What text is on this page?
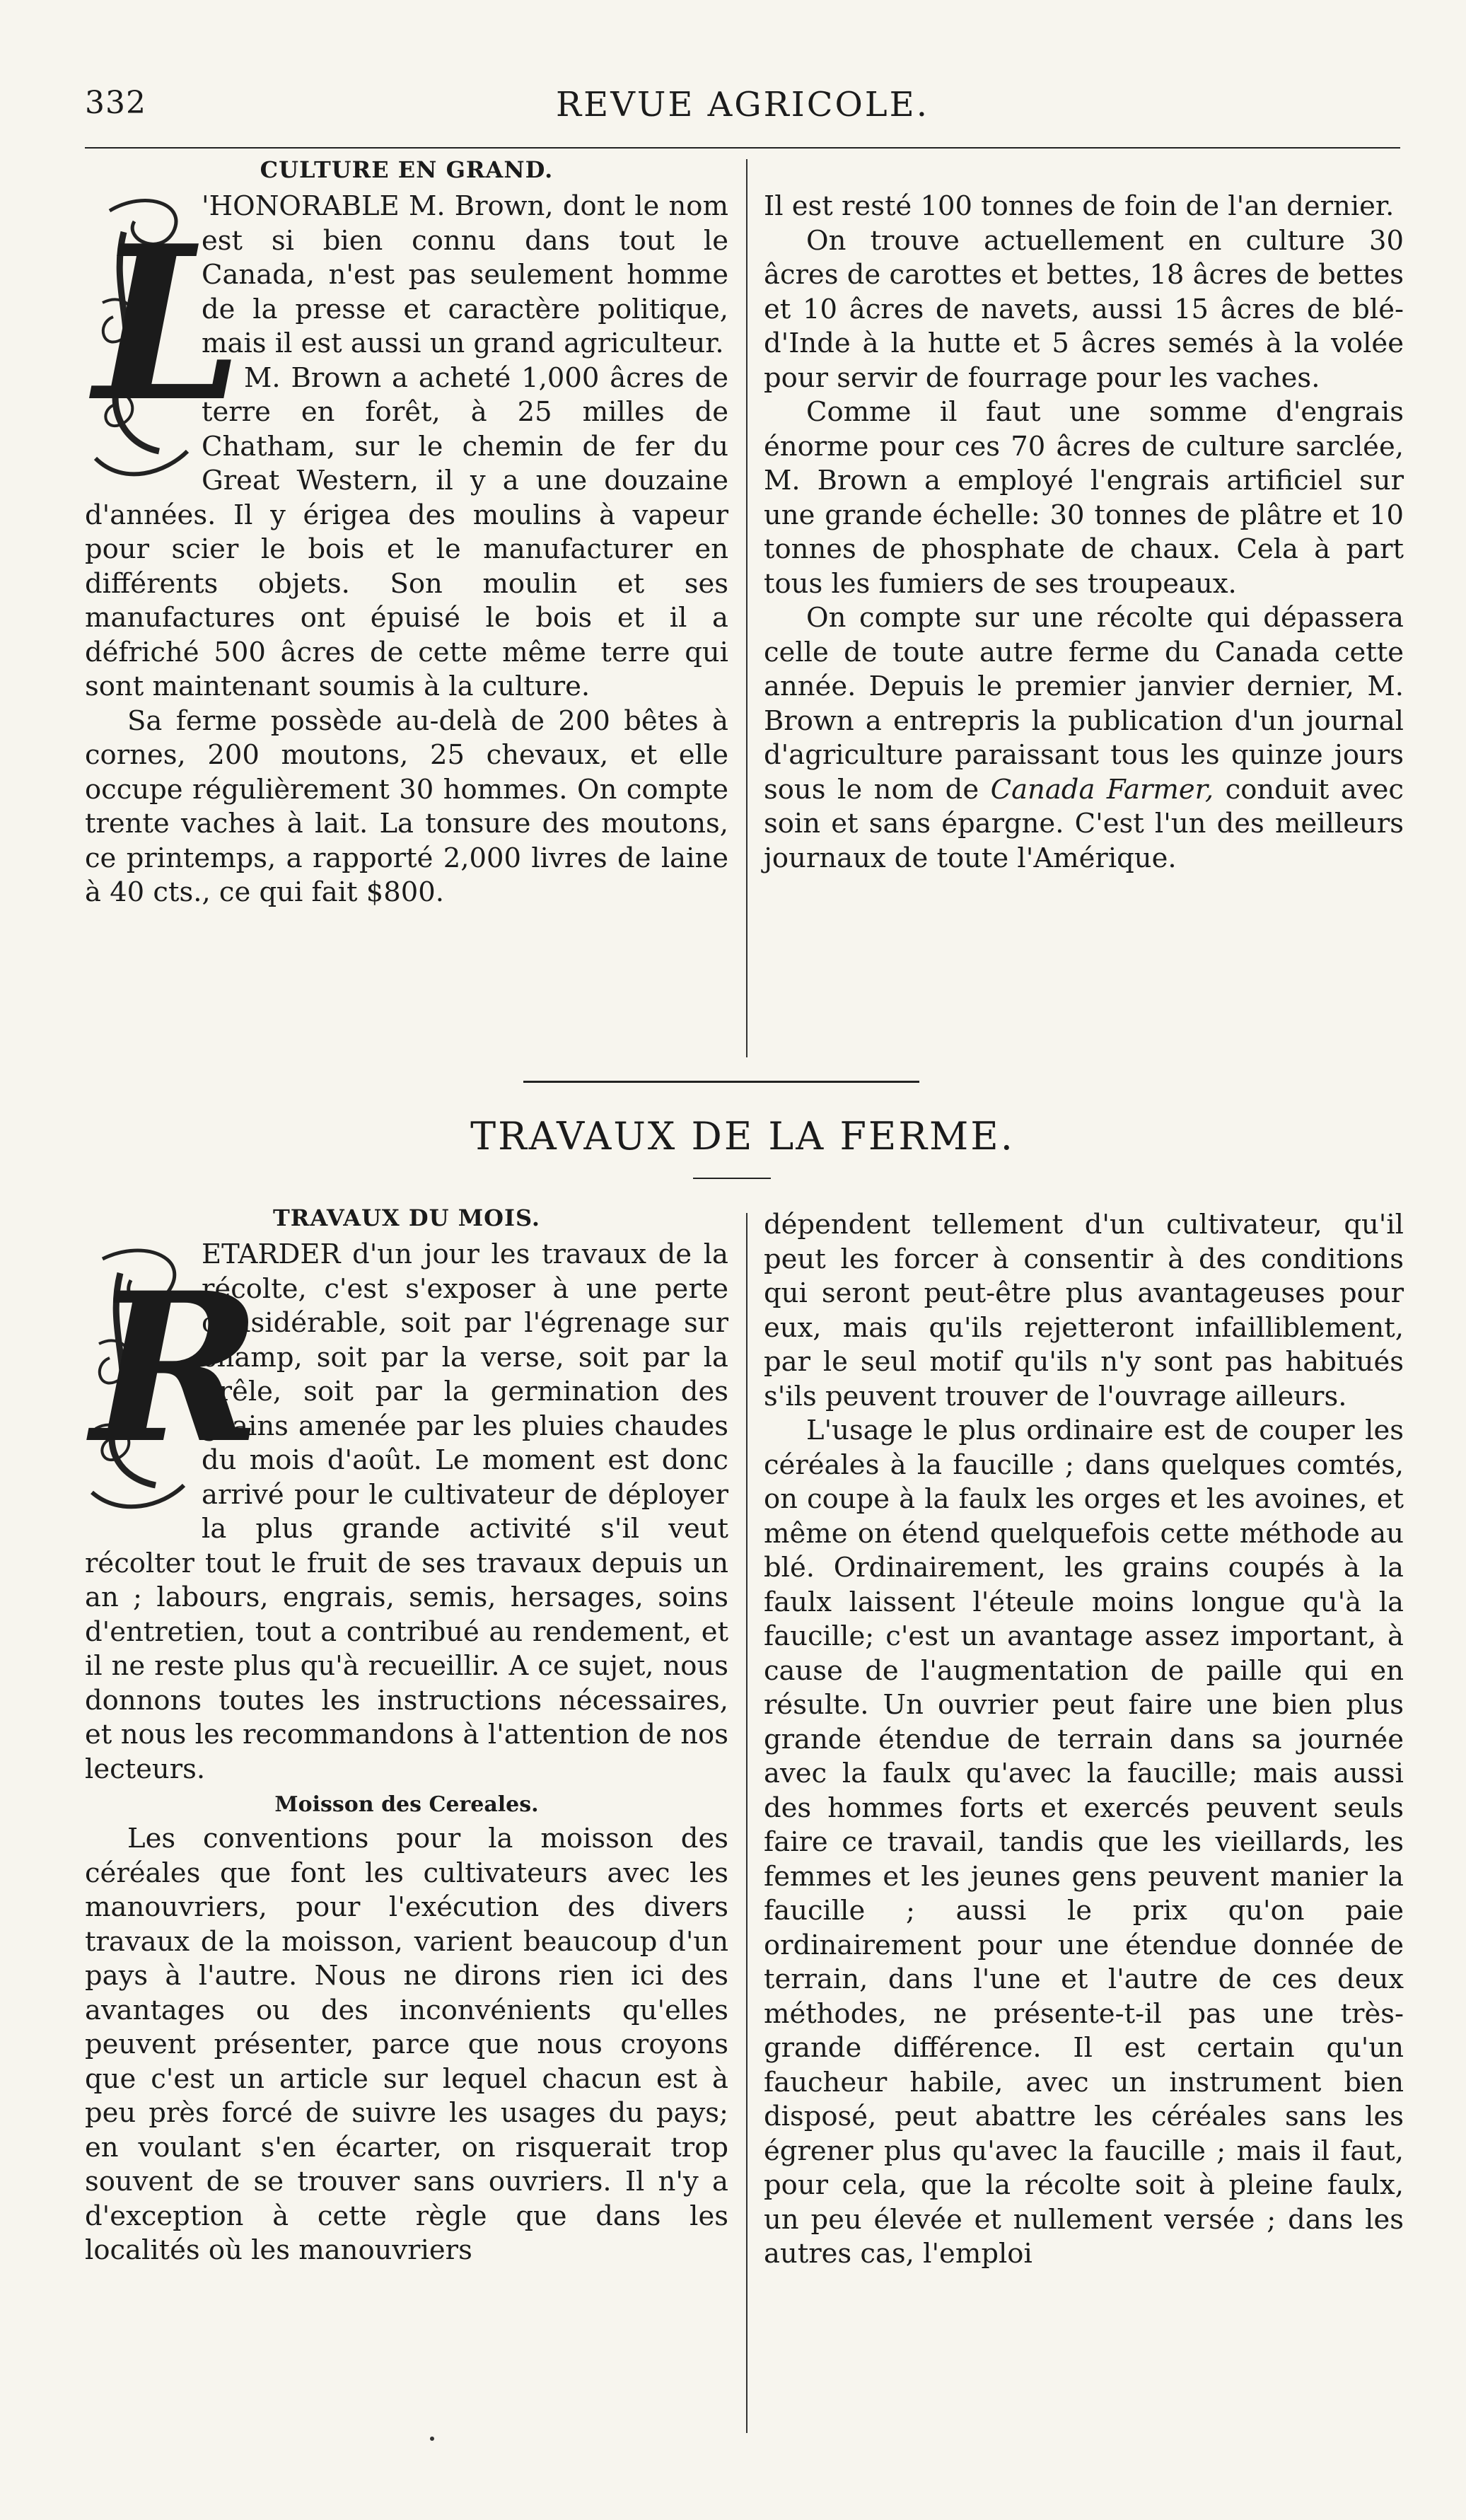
332	REVUE AGRICOLE.
CULTURE EN GRAND.
L

'HONORABLE M. Brown, dont le nom est si bien connu dans tout le Canada, n'est pas seulement homme de la presse et caractère politique, mais il est aussi un grand agriculteur.

M. Brown a acheté 1,000 âcres de terre en forêt, à 25 milles de Chatham, sur le chemin de fer du Great Western, il y a une douzaine d'années. Il y érigea des moulins à vapeur pour scier le bois et le manufacturer en différents objets. Son moulin et ses manufactures ont épuisé le bois et il a défriché 500 âcres de cette même terre qui sont maintenant soumis à la culture.

Sa ferme possède au-delà de 200 bêtes à cornes, 200 moutons, 25 chevaux, et elle occupe régulièrement 30 hommes. On compte trente vaches à lait. La tonsure des moutons, ce printemps, a rapporté 2,000 livres de laine à 40 cts., ce qui fait $800.

Il est resté 100 tonnes de foin de l'an dernier.

On trouve actuellement en culture 30 âcres de carottes et bettes, 18 âcres de bettes et 10 âcres de navets, aussi 15 âcres de blé-d'Inde à la hutte et 5 âcres semés à la volée pour servir de fourrage pour les vaches.

Comme il faut une somme d'engrais énorme pour ces 70 âcres de culture sarclée, M. Brown a employé l'engrais artificiel sur une grande échelle: 30 tonnes de plâtre et 10 tonnes de phosphate de chaux. Cela à part tous les fumiers de ses troupeaux.

On compte sur une récolte qui dépassera celle de toute autre ferme du Canada cette année. Depuis le premier janvier dernier, M. Brown a entrepris la publication d'un journal d'agriculture paraissant tous les quinze jours sous le nom de Canada Farmer, conduit avec soin et sans épargne. C'est l'un des meilleurs journaux de toute l'Amérique.

TRAVAUX DE LA FERME.
TRAVAUX DU MOIS.
R

ETARDER d'un jour les travaux de la récolte, c'est s'exposer à une perte considérable, soit par l'égrenage sur champ, soit par la verse, soit par la grêle, soit par la germination des grains amenée par les pluies chaudes du mois d'août. Le moment est donc arrivé pour le cultivateur de déployer la plus grande activité s'il veut récolter tout le fruit de ses travaux depuis un an ; labours, engrais, semis, hersages, soins d'entretien, tout a contribué au rendement, et il ne reste plus qu'à recueillir. A ce sujet, nous donnons toutes les instructions nécessaires, et nous les recommandons à l'attention de nos lecteurs.

Moisson des Cereales.

Les conventions pour la moisson des céréales que font les cultivateurs avec les manouvriers, pour l'exécution des divers travaux de la moisson, varient beaucoup d'un pays à l'autre. Nous ne dirons rien ici des avantages ou des inconvénients qu'elles peuvent présenter, parce que nous croyons que c'est un article sur lequel chacun est à peu près forcé de suivre les usages du pays; en voulant s'en écarter, on risquerait trop souvent de se trouver sans ouvriers. Il n'y a d'exception à cette règle que dans les localités où les manouvriers

dépendent tellement d'un cultivateur, qu'il peut les forcer à consentir à des conditions qui seront peut-être plus avantageuses pour eux, mais qu'ils rejetteront infailliblement, par le seul motif qu'ils n'y sont pas habitués s'ils peuvent trouver de l'ouvrage ailleurs.

L'usage le plus ordinaire est de couper les céréales à la faucille ; dans quelques comtés, on coupe à la faulx les orges et les avoines, et même on étend quelquefois cette méthode au blé. Ordinairement, les grains coupés à la faulx laissent l'éteule moins longue qu'à la faucille; c'est un avantage assez important, à cause de l'augmentation de paille qui en résulte. Un ouvrier peut faire une bien plus grande étendue de terrain dans sa journée avec la faulx qu'avec la faucille; mais aussi des hommes forts et exercés peuvent seuls faire ce travail, tandis que les vieillards, les femmes et les jeunes gens peuvent manier la faucille ; aussi le prix qu'on paie ordinairement pour une étendue donnée de terrain, dans l'une et l'autre de ces deux méthodes, ne présente-t-il pas une très-grande différence. Il est certain qu'un faucheur habile, avec un instrument bien disposé, peut abattre les céréales sans les égrener plus qu'avec la faucille ; mais il faut, pour cela, que la récolte soit à pleine faulx, un peu élevée et nullement versée ; dans les autres cas, l'emploi
